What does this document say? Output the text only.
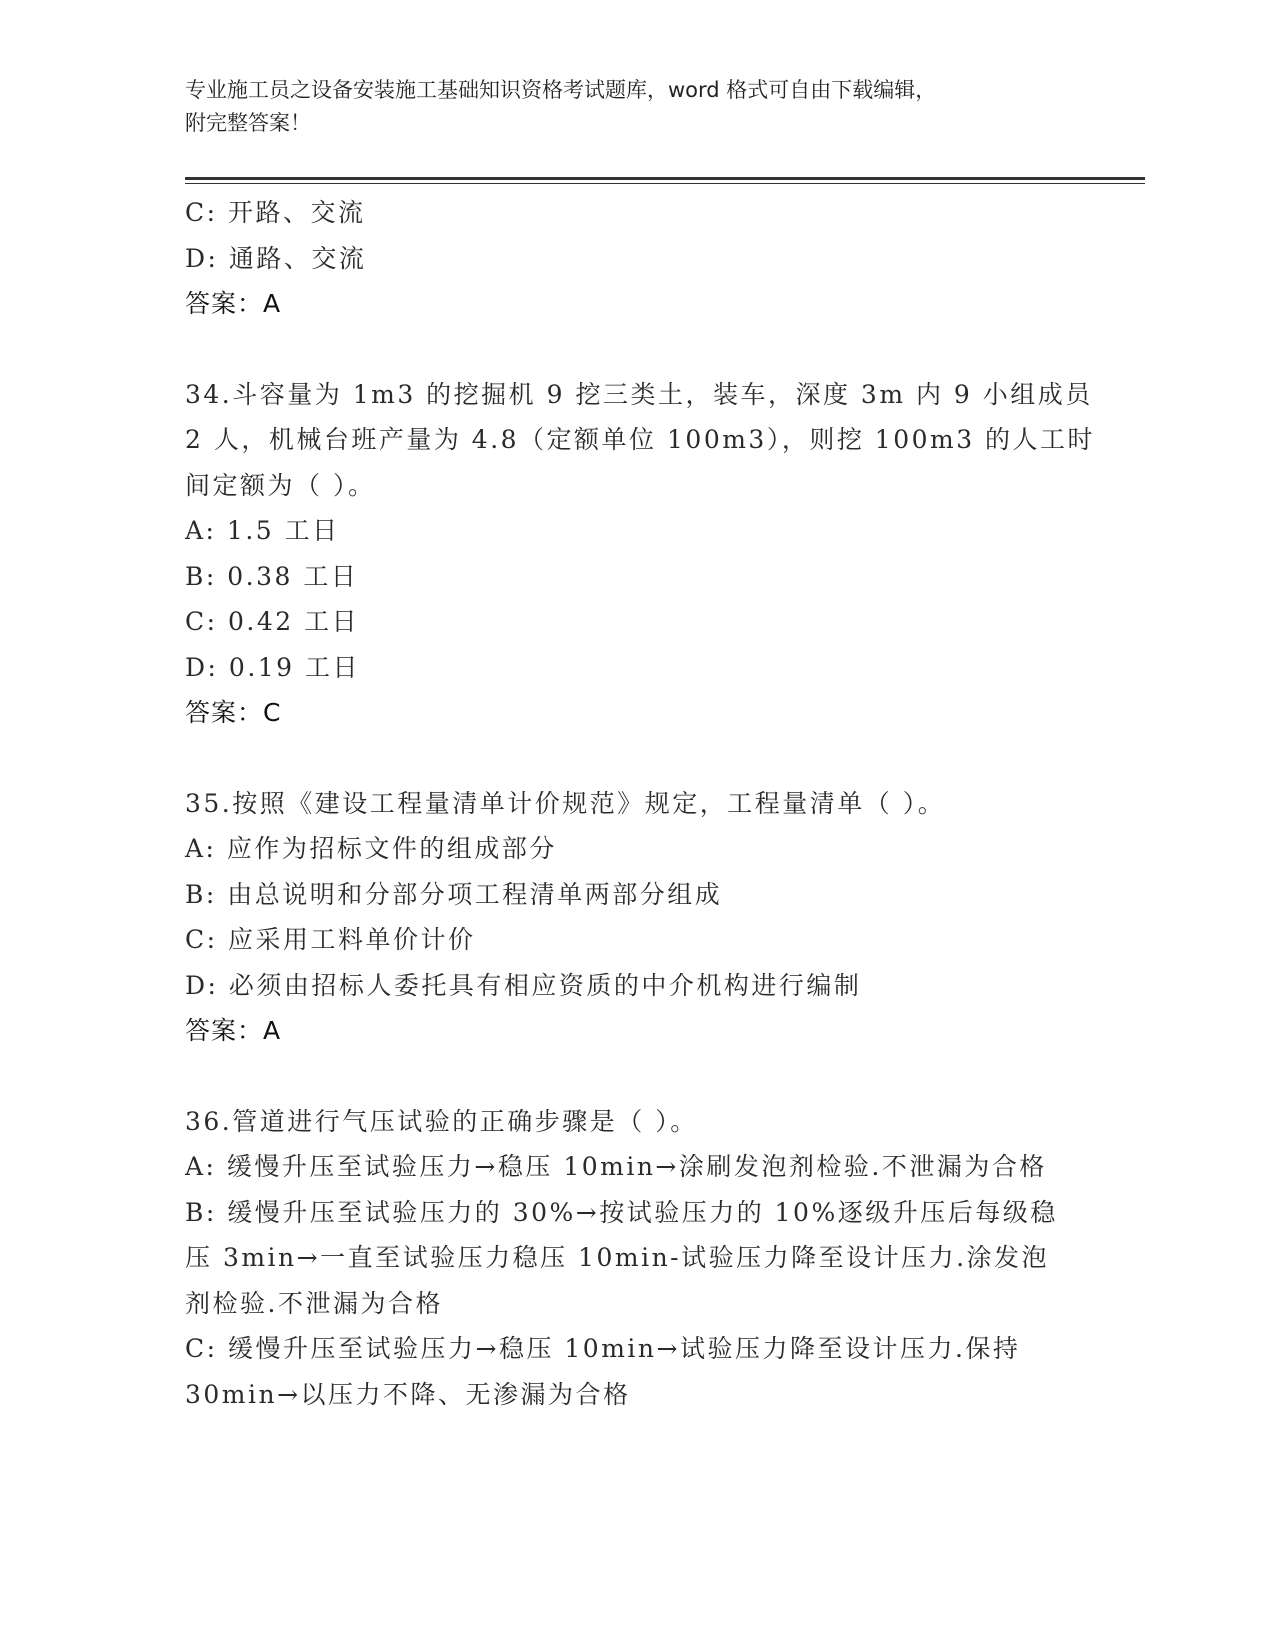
专业施工员之设备安装施工基础知识资格考试题库，word 格式可自由下载编辑，
附完整答案！
C: 开路、交流
D: 通路、交流
答案：A
34.斗容量为 1m3 的挖掘机 9 挖三类土，装车，深度 3m 内 9 小组成员
2 人，机械台班产量为 4.8（定额单位 100m3），则挖 100m3 的人工时
间定额为（ ）。
A: 1.5 工日
B: 0.38 工日
C: 0.42 工日
D: 0.19 工日
答案：C
35.按照《建设工程量清单计价规范》规定，工程量清单（ ）。
A: 应作为招标文件的组成部分
B: 由总说明和分部分项工程清单两部分组成
C: 应采用工料单价计价
D: 必须由招标人委托具有相应资质的中介机构进行编制
答案：A
36.管道进行气压试验的正确步骤是（ ）。
A: 缓慢升压至试验压力→稳压 10min→涂刷发泡剂检验.不泄漏为合格
B: 缓慢升压至试验压力的 30%→按试验压力的 10%逐级升压后每级稳
压 3min→一直至试验压力稳压 10min-试验压力降至设计压力.涂发泡
剂检验.不泄漏为合格
C: 缓慢升压至试验压力→稳压 10min→试验压力降至设计压力.保持
30min→以压力不降、无渗漏为合格
